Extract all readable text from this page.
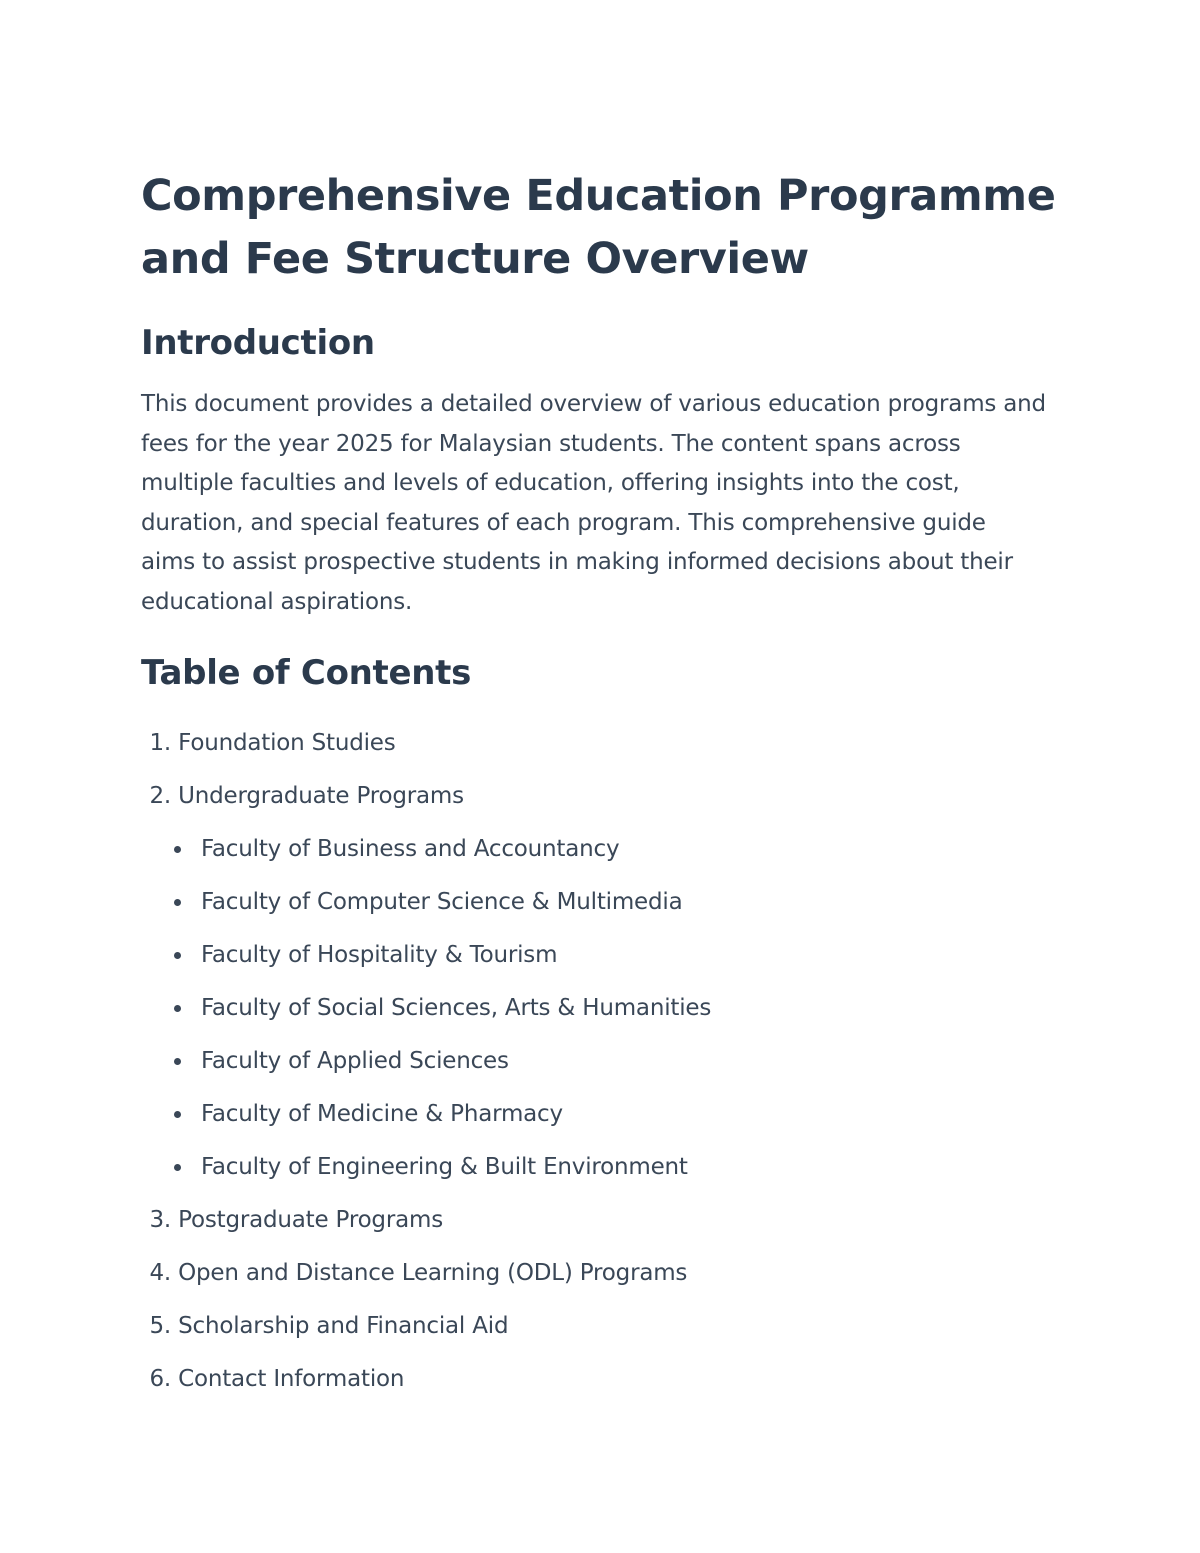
Comprehensive Education Programme and Fee Structure Overview
Introduction

This document provides a detailed overview of various education programs and fees for the year 2025 for Malaysian students. The content spans across multiple faculties and levels of education, offering insights into the cost, duration, and special features of each program. This comprehensive guide aims to assist prospective students in making informed decisions about their educational aspirations.

Table of Contents
1. Foundation Studies
2. Undergraduate Programs
Faculty of Business and Accountancy
Faculty of Computer Science & Multimedia
Faculty of Hospitality & Tourism
Faculty of Social Sciences, Arts & Humanities
Faculty of Applied Sciences
Faculty of Medicine & Pharmacy
Faculty of Engineering & Built Environment
3. Postgraduate Programs
4. Open and Distance Learning (ODL) Programs
5. Scholarship and Financial Aid
6. Contact Information
